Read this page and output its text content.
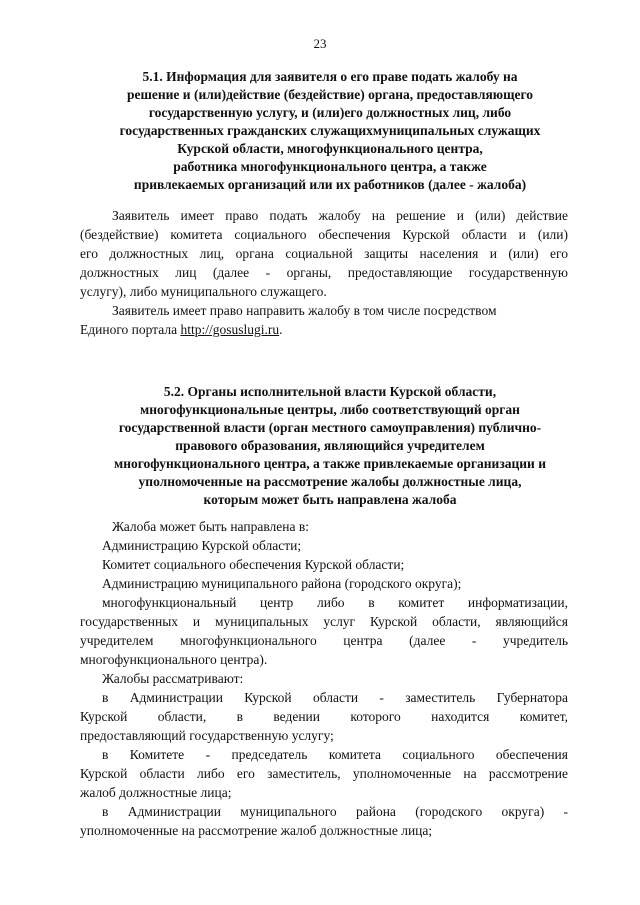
23
5.1. Информация для заявителя о его праве подать жалобу на
решение и (или)действие (бездействие) органа, предоставляющего
государственную услугу, и (или)его должностных лиц, либо
государственных гражданских служащихмуниципальных служащих
Курской области, многофункционального центра,
работника многофункционального центра, а также
привлекаемых организаций или их работников (далее - жалоба)
Заявитель имеет право подать жалобу на решение и (или) действие
(бездействие) комитета социального обеспечения Курской области и (или)
его должностных лиц, органа социальной защиты населения и (или) его
должностных лиц (далее - органы, предоставляющие государственную
услугу), либо муниципального служащего.
Заявитель имеет право направить жалобу в том числе посредством
Единого портала http://gosuslugi.ru.
5.2. Органы исполнительной власти Курской области,
многофункциональные центры, либо соответствующий орган
государственной власти (орган местного самоуправления) публично-
правового образования, являющийся учредителем
многофункционального центра, а также привлекаемые организации и
уполномоченные на рассмотрение жалобы должностные лица,
которым может быть направлена жалоба
Жалоба может быть направлена в:
Администрацию Курской области;
Комитет социального обеспечения Курской области;
Администрацию муниципального района (городского округа);
многофункциональный центр либо в комитет информатизации,
государственных и муниципальных услуг Курской области, являющийся
учредителем многофункционального центра (далее - учредитель
многофункционального центра).
Жалобы рассматривают:
в Администрации Курской области - заместитель Губернатора
Курской области, в ведении которого находится комитет,
предоставляющий государственную услугу;
в Комитете - председатель комитета социального обеспечения
Курской области либо его заместитель, уполномоченные на рассмотрение
жалоб должностные лица;
в Администрации муниципального района (городского округа) -
уполномоченные на рассмотрение жалоб должностные лица;
